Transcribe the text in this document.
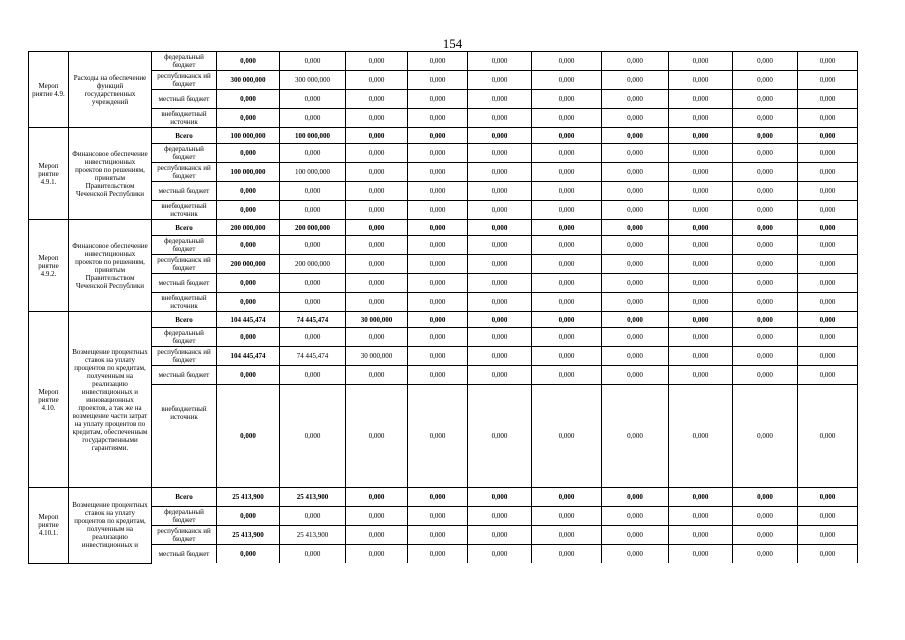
154
Мероп риятие 4.9.	Расходы на обеспечение функций государственных учреждений	федеральный бюджет	0,000	0,000	0,000	0,000	0,000	0,000	0,000	0,000	0,000	0,000
		республиканск ий бюджет	300 000,000	300 000,000	0,000	0,000	0,000	0,000	0,000	0,000	0,000	0,000
		местный бюджет	0,000	0,000	0,000	0,000	0,000	0,000	0,000	0,000	0,000	0,000
		внебюджетный источник	0,000	0,000	0,000	0,000	0,000	0,000	0,000	0,000	0,000	0,000
Мероп риятие 4.9.1.	Финансовое обеспечение инвестиционных проектов по решениям, принятым Правительством Чеченской Республики	Всего	100 000,000	100 000,000	0,000	0,000	0,000	0,000	0,000	0,000	0,000	0,000
		федеральный бюджет	0,000	0,000	0,000	0,000	0,000	0,000	0,000	0,000	0,000	0,000
		республиканск ий бюджет	100 000,000	100 000,000	0,000	0,000	0,000	0,000	0,000	0,000	0,000	0,000
		местный бюджет	0,000	0,000	0,000	0,000	0,000	0,000	0,000	0,000	0,000	0,000
		внебюджетный источник	0,000	0,000	0,000	0,000	0,000	0,000	0,000	0,000	0,000	0,000
Мероп риятие 4.9.2.	Финансовое обеспечение инвестиционных проектов по решениям, принятым Правительством Чеченской Республики	Всего	200 000,000	200 000,000	0,000	0,000	0,000	0,000	0,000	0,000	0,000	0,000
		федеральный бюджет	0,000	0,000	0,000	0,000	0,000	0,000	0,000	0,000	0,000	0,000
		республиканск ий бюджет	200 000,000	200 000,000	0,000	0,000	0,000	0,000	0,000	0,000	0,000	0,000
		местный бюджет	0,000	0,000	0,000	0,000	0,000	0,000	0,000	0,000	0,000	0,000
		внебюджетный источник	0,000	0,000	0,000	0,000	0,000	0,000	0,000	0,000	0,000	0,000
Мероп риятие 4.10.	Возмещение процентных ставок на уплату процентов по кредитам, полученным на реализацию инвестиционных и инновационных проектов, а так же на возмещение части затрат на уплату процентов по кредитам, обеспеченным государственными гарантиями.	Всего	104 445,474	74 445,474	30 000,000	0,000	0,000	0,000	0,000	0,000	0,000	0,000
		федеральный бюджет	0,000	0,000	0,000	0,000	0,000	0,000	0,000	0,000	0,000	0,000
		республиканск ий бюджет	104 445,474	74 445,474	30 000,000	0,000	0,000	0,000	0,000	0,000	0,000	0,000
		местный бюджет	0,000	0,000	0,000	0,000	0,000	0,000	0,000	0,000	0,000	0,000
		внебюджетный источник	0,000	0,000	0,000	0,000	0,000	0,000	0,000	0,000	0,000	0,000
Мероп риятие 4.10.1.	Возмещение процентных ставок на уплату процентов по кредитам, полученным на реализацию инвестиционных и	Всего	25 413,900	25 413,900	0,000	0,000	0,000	0,000	0,000	0,000	0,000	0,000
		федеральный бюджет	0,000	0,000	0,000	0,000	0,000	0,000	0,000	0,000	0,000	0,000
		республиканск ий бюджет	25 413,900	25 413,900	0,000	0,000	0,000	0,000	0,000	0,000	0,000	0,000
		местный бюджет	0,000	0,000	0,000	0,000	0,000	0,000	0,000	0,000	0,000	0,000
